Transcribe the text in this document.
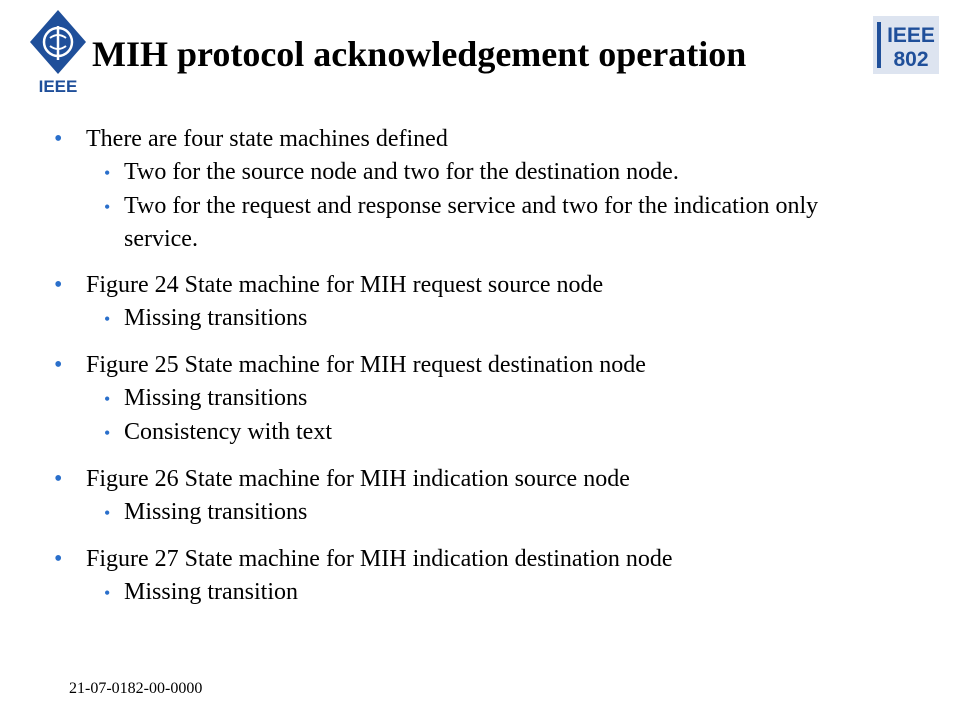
IEEE
MIH protocol acknowledgement operation	IEEE
802
• There are four state machines defined
• Two for the source node and two for the destination node.
• Two for the request and response service and two for the indication only service.
• Figure 24 State machine for MIH request source node
• Missing transitions
• Figure 25 State machine for MIH request destination node
• Missing transitions
• Consistency with text
• Figure 26 State machine for MIH indication source node
• Missing transitions
• Figure 27 State machine for MIH indication destination node
• Missing transition
21-07-0182-00-0000
